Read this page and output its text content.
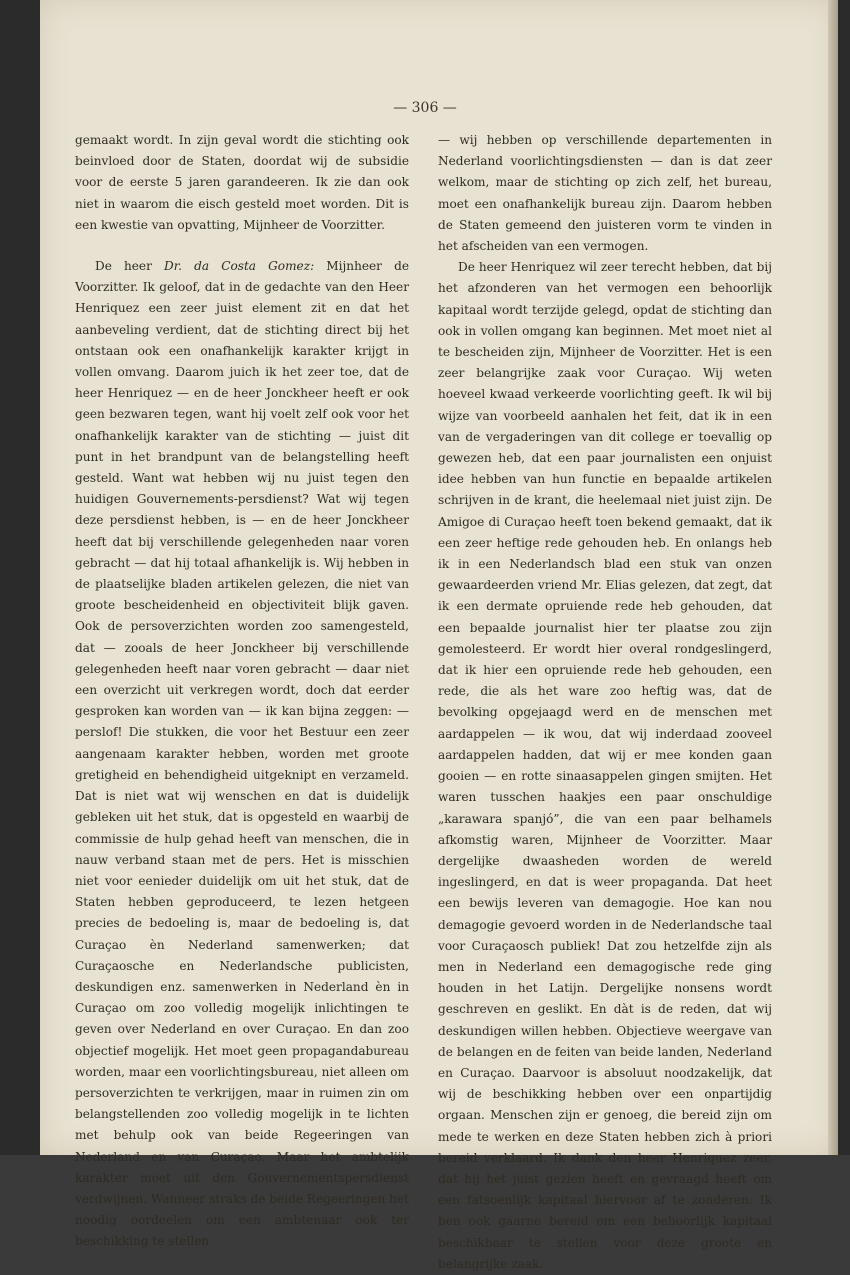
— 306 —

gemaakt wordt. In zijn geval wordt die stichting ook beinvloed door de Staten, doordat wij de subsidie voor de eerste 5 jaren garandeeren. Ik zie dan ook niet in waarom die eisch gesteld moet worden. Dit is een kwestie van opvatting, Mijnheer de Voorzitter.

De heer Dr. da Costa Gomez: Mijnheer de Voorzitter. Ik geloof, dat in de gedachte van den Heer Henriquez een zeer juist element zit en dat het aanbeveling verdient, dat de stichting direct bij het ontstaan ook een onafhankelijk karakter krijgt in vollen omvang. Daarom juich ik het zeer toe, dat de heer Henriquez — en de heer Jonckheer heeft er ook geen bezwaren tegen, want hij voelt zelf ook voor het onafhankelijk karakter van de stichting — juist dit punt in het brandpunt van de belangstelling heeft gesteld. Want wat hebben wij nu juist tegen den huidigen Gouvernements-persdienst? Wat wij tegen deze persdienst hebben, is — en de heer Jonckheer heeft dat bij verschillende gelegenheden naar voren gebracht — dat hij totaal afhankelijk is. Wij hebben in de plaatselijke bladen artikelen gelezen, die niet van groote bescheidenheid en objectiviteit blijk gaven. Ook de persoverzichten worden zoo samengesteld, dat — zooals de heer Jonckheer bij verschillende gelegenheden heeft naar voren gebracht — daar niet een overzicht uit verkregen wordt, doch dat eerder gesproken kan worden van — ik kan bijna zeggen: — perslof! Die stukken, die voor het Bestuur een zeer aangenaam karakter hebben, worden met groote gretigheid en behendigheid uitgeknipt en verzameld. Dat is niet wat wij wenschen en dat is duidelijk gebleken uit het stuk, dat is opgesteld en waarbij de commissie de hulp gehad heeft van menschen, die in nauw verband staan met de pers. Het is misschien niet voor eenieder duidelijk om uit het stuk, dat de Staten hebben geproduceerd, te lezen hetgeen precies de bedoeling is, maar de bedoeling is, dat Curaçao èn Nederland samenwerken; dat Curaçaosche en Nederlandsche publicisten, deskundigen enz. samenwerken in Nederland èn in Curaçao om zoo volledig mogelijk inlichtingen te geven over Nederland en over Curaçao. En dan zoo objectief mogelijk. Het moet geen propagandabureau worden, maar een voorlichtingsbureau, niet alleen om persoverzichten te verkrijgen, maar in ruimen zin om belangstellenden zoo volledig mogelijk in te lichten met behulp ook van beide Regeeringen van Nederland en van Curaçao. Maar het ambtelijk karakter moet uit den Gouvernementspersdienst verdwijnen. Wanneer straks de beide Regeeringen het noodig oordeelen om een ambtenaar ook ter beschikking te stellen

— wij hebben op verschillende departementen in Nederland voorlichtingsdiensten — dan is dat zeer welkom, maar de stichting op zich zelf, het bureau, moet een onafhankelijk bureau zijn. Daarom hebben de Staten gemeend den juisteren vorm te vinden in het afscheiden van een vermogen.

De heer Henriquez wil zeer terecht hebben, dat bij het afzonderen van het vermogen een behoorlijk kapitaal wordt terzijde gelegd, opdat de stichting dan ook in vollen omgang kan beginnen. Met moet niet al te bescheiden zijn, Mijnheer de Voorzitter. Het is een zeer belangrijke zaak voor Curaçao. Wij weten hoeveel kwaad verkeerde voorlichting geeft. Ik wil bij wijze van voorbeeld aanhalen het feit, dat ik in een van de vergaderingen van dit college er toevallig op gewezen heb, dat een paar journalisten een onjuist idee hebben van hun functie en bepaalde artikelen schrijven in de krant, die heelemaal niet juist zijn. De Amigoe di Curaçao heeft toen bekend gemaakt, dat ik een zeer heftige rede gehouden heb. En onlangs heb ik in een Nederlandsch blad een stuk van onzen gewaardeerden vriend Mr. Elias gelezen, dat zegt, dat ik een dermate opruiende rede heb gehouden, dat een bepaalde journalist hier ter plaatse zou zijn gemolesteerd. Er wordt hier overal rondgeslingerd, dat ik hier een opruiende rede heb gehouden, een rede, die als het ware zoo heftig was, dat de bevolking opgejaagd werd en de menschen met aardappelen — ik wou, dat wij inderdaad zooveel aardappelen hadden, dat wij er mee konden gaan gooien — en rotte sinaasappelen gingen smijten. Het waren tusschen haakjes een paar onschuldige „karawara spanjó”, die van een paar belhamels afkomstig waren, Mijnheer de Voorzitter. Maar dergelijke dwaasheden worden de wereld ingeslingerd, en dat is weer propaganda. Dat heet een bewijs leveren van demagogie. Hoe kan nou demagogie gevoerd worden in de Nederlandsche taal voor Curaçaosch publiek! Dat zou hetzelfde zijn als men in Nederland een demagogische rede ging houden in het Latijn. Dergelijke nonsens wordt geschreven en geslikt. En dàt is de reden, dat wij deskundigen willen hebben. Objectieve weergave van de belangen en de feiten van beide landen, Nederland en Curaçao. Daarvoor is absoluut noodzakelijk, dat wij de beschikking hebben over een onpartijdig orgaan. Menschen zijn er genoeg, die bereid zijn om mede te werken en deze Staten hebben zich à priori bereid verklaard. Ik dank den heer Henriquez zeer, dat hij het juist gezien heeft en gevraagd heeft om een fatsoenlijk kapitaal hiervoor af te zonderen. Ik ben ook gaarne bereid om een behoorlijk kapitaal beschikbaar te stellen voor deze groote en belangrijke zaak.
